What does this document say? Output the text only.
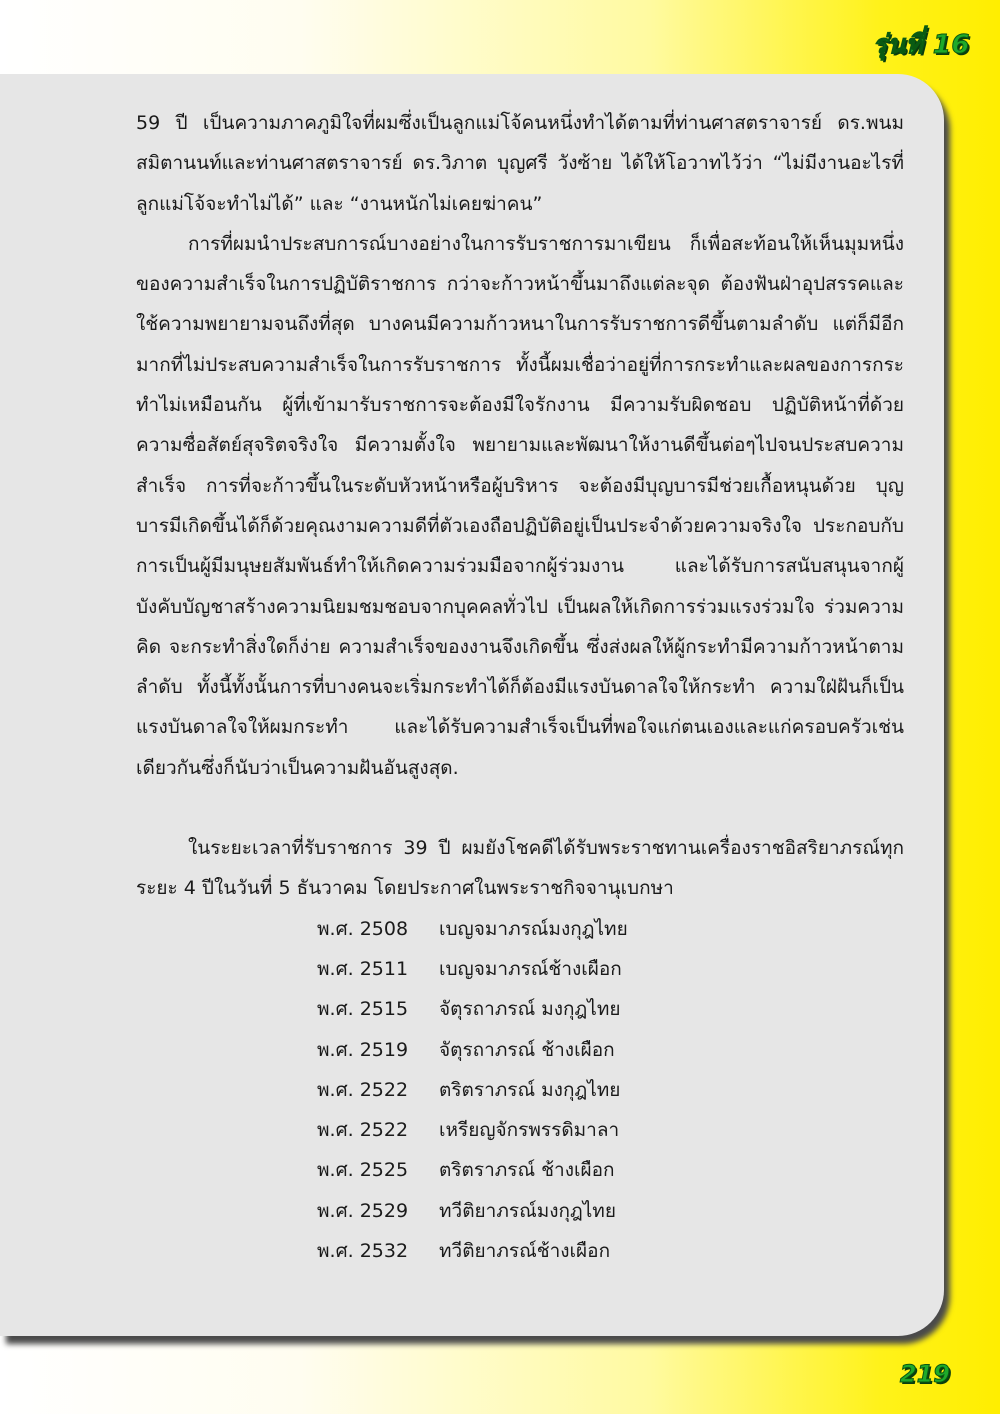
รุ่นที่ 16

59 ปี เป็นความภาคภูมิใจที่ผมซึ่งเป็นลูกแม่โจ้คนหนึ่งทำได้ตามที่ท่านศาสตราจารย์ ดร.พนม สมิตานนท์และท่านศาสตราจารย์ ดร.วิภาต บุญศรี วังซ้าย ได้ให้โอวาทไว้ว่า “ไม่มีงานอะไรที่ลูกแม่โจ้จะทำไม่ได้” และ “งานหนักไม่เคยฆ่าคน”

การที่ผมนำประสบการณ์บางอย่างในการรับราชการมาเขียน ก็เพื่อสะท้อนให้เห็นมุมหนึ่งของความสำเร็จในการปฏิบัติราชการ กว่าจะก้าวหน้าขึ้นมาถึงแต่ละจุด ต้องฟันฝ่าอุปสรรคและใช้ความพยายามจนถึงที่สุด บางคนมีความก้าวหนาในการรับราชการดีขึ้นตามลำดับ แต่ก็มีอีกมากที่ไม่ประสบความสำเร็จในการรับราชการ ทั้งนี้ผมเชื่อว่าอยู่ที่การกระทำและผลของการกระทำไม่เหมือนกัน ผู้ที่เข้ามารับราชการจะต้องมีใจรักงาน มีความรับผิดชอบ ปฏิบัติหน้าที่ด้วยความซื่อสัตย์สุจริตจริงใจ มีความตั้งใจ พยายามและพัฒนาให้งานดีขึ้นต่อๆไปจนประสบความสำเร็จ การที่จะก้าวขึ้นในระดับหัวหน้าหรือผู้บริหาร จะต้องมีบุญบารมีช่วยเกื้อหนุนด้วย บุญบารมีเกิดขึ้นได้ก็ด้วยคุณงามความดีที่ตัวเองถือปฏิบัติอยู่เป็นประจำด้วยความจริงใจ ประกอบกับการเป็นผู้มีมนุษยสัมพันธ์ทำให้เกิดความร่วมมือจากผู้ร่วมงาน และได้รับการสนับสนุนจากผู้บังคับบัญชาสร้างความนิยมชมชอบจากบุคคลทั่วไป เป็นผลให้เกิดการร่วมแรงร่วมใจ ร่วมความคิด จะกระทำสิ่งใดก็ง่าย ความสำเร็จของงานจึงเกิดขึ้น ซึ่งส่งผลให้ผู้กระทำมีความก้าวหน้าตามลำดับ ทั้งนี้ทั้งนั้นการที่บางคนจะเริ่มกระทำได้ก็ต้องมีแรงบันดาลใจให้กระทำ ความใฝ่ฝันก็เป็นแรงบันดาลใจให้ผมกระทำ และได้รับความสำเร็จเป็นที่พอใจแก่ตนเองและแก่ครอบครัวเช่นเดียวกันซึ่งก็นับว่าเป็นความฝันอันสูงสุด.

ในระยะเวลาที่รับราชการ 39 ปี ผมยังโชคดีได้รับพระราชทานเครื่องราชอิสริยาภรณ์ทุกระยะ 4 ปีในวันที่ 5 ธันวาคม โดยประกาศในพระราชกิจจานุเบกษา

พ.ศ. 2508	เบญจมาภรณ์มงกุฎไทย
พ.ศ. 2511	เบญจมาภรณ์ช้างเผือก
พ.ศ. 2515	จัตุรถาภรณ์ มงกุฎไทย
พ.ศ. 2519	จัตุรถาภรณ์ ช้างเผือก
พ.ศ. 2522	ตริตราภรณ์ มงกุฎไทย
พ.ศ. 2522	เหรียญจักรพรรดิมาลา
พ.ศ. 2525	ตริตราภรณ์ ช้างเผือก
พ.ศ. 2529	ทวีติยาภรณ์มงกุฎไทย
พ.ศ. 2532	ทวีติยาภรณ์ช้างเผือก
219
